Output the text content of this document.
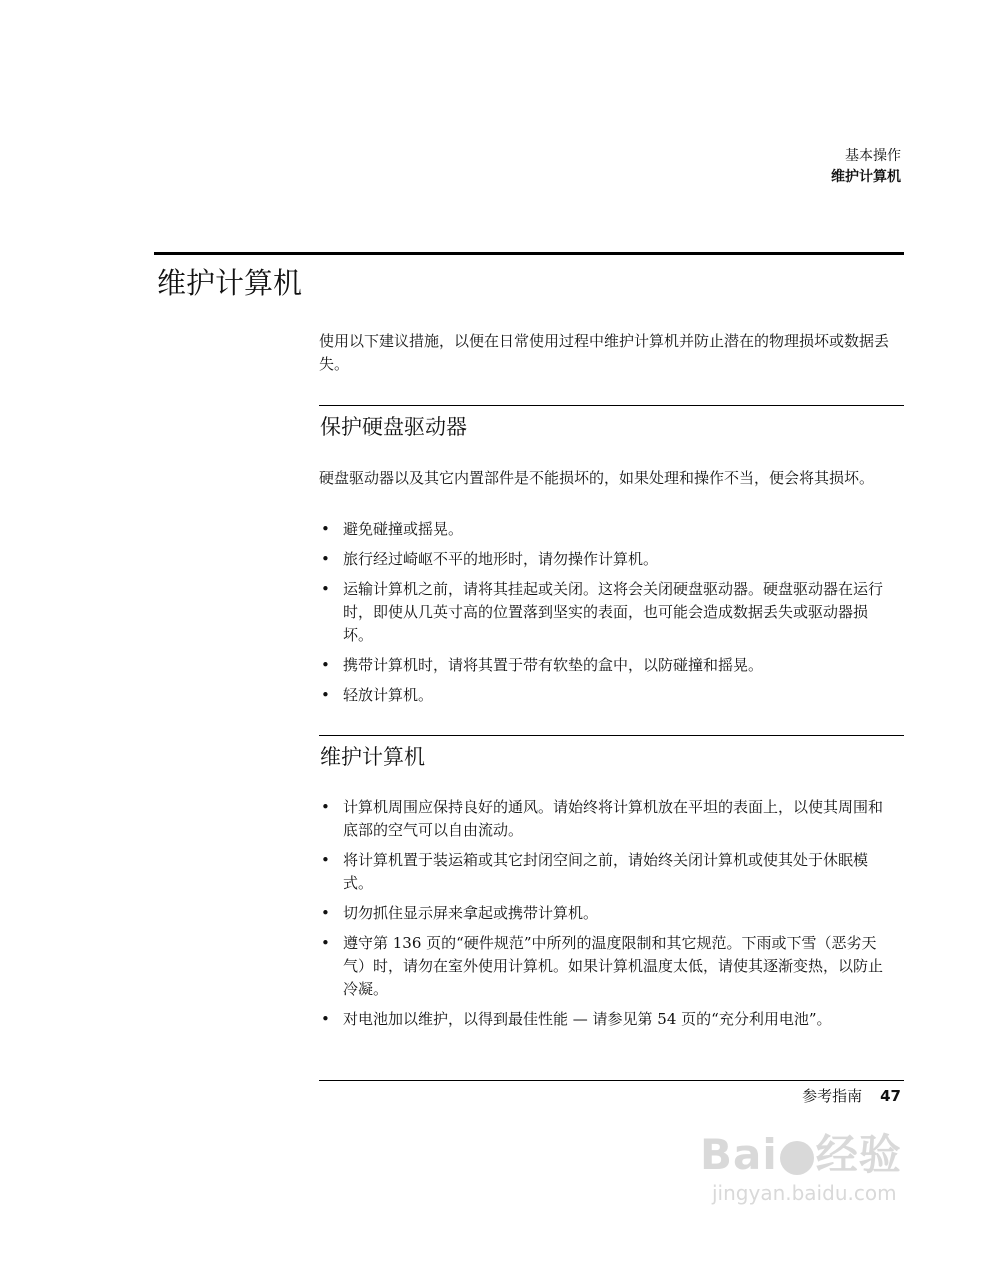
基本操作
维护计算机
维护计算机

使用以下建议措施，以便在日常使用过程中维护计算机并防止潜在的物理损坏或数据丢失。

保护硬盘驱动器

硬盘驱动器以及其它内置部件是不能损坏的，如果处理和操作不当，便会将其损坏。

• 避免碰撞或摇晃。
• 旅行经过崎岖不平的地形时，请勿操作计算机。
• 运输计算机之前，请将其挂起或关闭。这将会关闭硬盘驱动器。硬盘驱动器在运行时，即使从几英寸高的位置落到坚实的表面，也可能会造成数据丢失或驱动器损坏。
• 携带计算机时，请将其置于带有软垫的盒中，以防碰撞和摇晃。
• 轻放计算机。
维护计算机
• 计算机周围应保持良好的通风。请始终将计算机放在平坦的表面上，以使其周围和底部的空气可以自由流动。
• 将计算机置于装运箱或其它封闭空间之前，请始终关闭计算机或使其处于休眠模式。
• 切勿抓住显示屏来拿起或携带计算机。
• 遵守第 136 页的“硬件规范”中所列的温度限制和其它规范。下雨或下雪（恶劣天气）时，请勿在室外使用计算机。如果计算机温度太低，请使其逐渐变热，以防止冷凝。
• 对电池加以维护，以得到最佳性能 — 请参见第 54 页的“充分利用电池”。
参考指南 47
Bai 经验
jingyan.baidu.com
